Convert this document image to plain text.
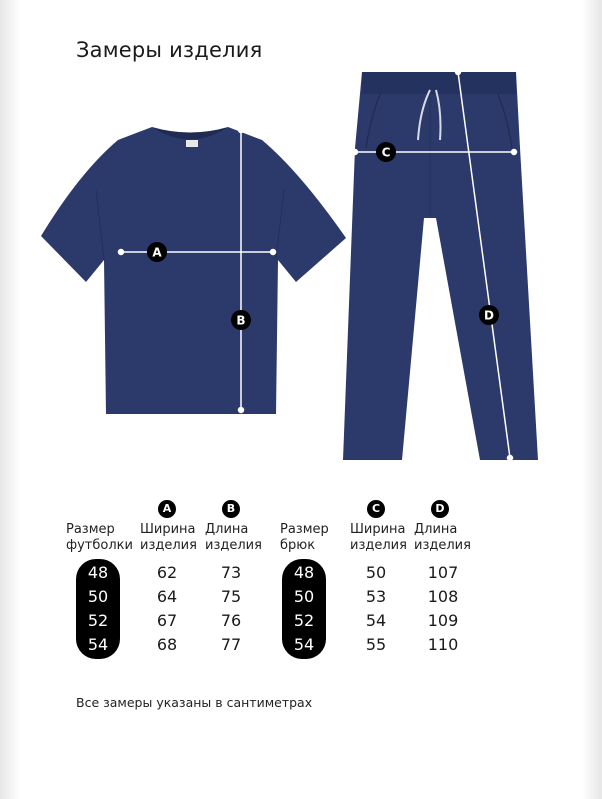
Замеры изделия
A
B
C
D
A	B
Размер
футболки
Ширина
изделия
Длина
изделия
48
50
52
54
62
64
67
68
73
75
76
77
C	D
Размер
брюк
Ширина
изделия
Длина
изделия
48
50
52
54
50
53
54
55
107
108
109
110
Все замеры указаны в сантиметрах
